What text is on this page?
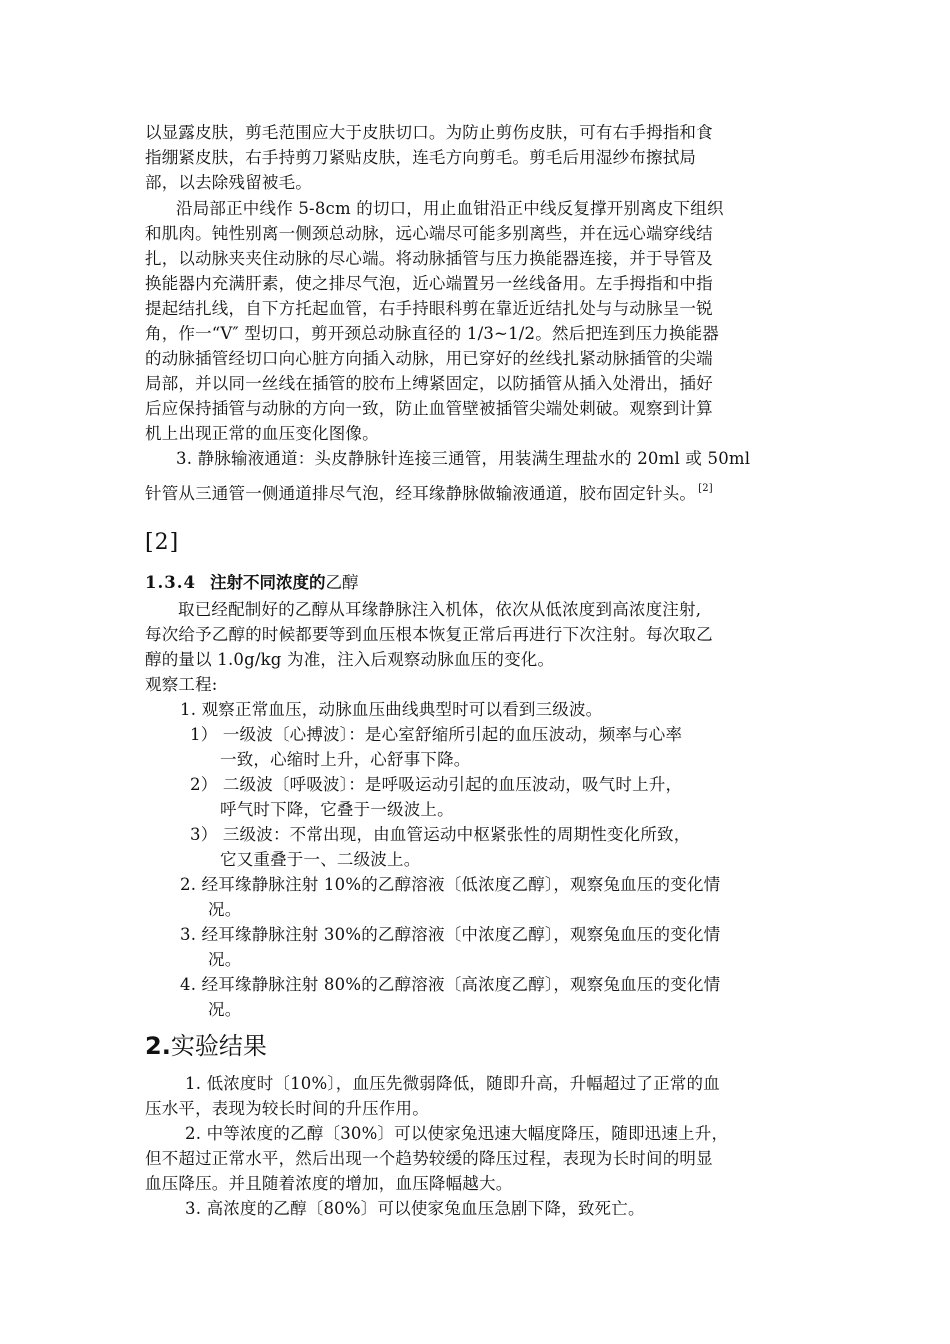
以显露皮肤，剪毛范围应大于皮肤切口。为防止剪伤皮肤，可有右手拇指和食
指绷紧皮肤，右手持剪刀紧贴皮肤，连毛方向剪毛。剪毛后用湿纱布擦拭局
部，以去除残留被毛。
沿局部正中线作 5-8cm 的切口，用止血钳沿正中线反复撑开别离皮下组织
和肌肉。钝性别离一侧颈总动脉，远心端尽可能多别离些，并在远心端穿线结
扎，以动脉夹夹住动脉的尽心端。将动脉插管与压力换能器连接，并于导管及
换能器内充满肝素，使之排尽气泡，近心端置另一丝线备用。左手拇指和中指
提起结扎线，自下方托起血管，右手持眼科剪在靠近近结扎处与与动脉呈一锐
角，作一“V″ 型切口，剪开颈总动脉直径的 1/3~1/2。然后把连到压力换能器
的动脉插管经切口向心脏方向插入动脉，用已穿好的丝线扎紧动脉插管的尖端
局部，并以同一丝线在插管的胶布上缚紧固定，以防插管从插入处滑出，插好
后应保持插管与动脉的方向一致，防止血管壁被插管尖端处刺破。观察到计算
机上出现正常的血压变化图像。
3. 静脉输液通道：头皮静脉针连接三通管，用装满生理盐水的 20ml 或 50ml
针管从三通管一侧通道排尽气泡，经耳缘静脉做输液通道，胶布固定针头。 [2]
[2]
1.3.4 注射不同浓度的乙醇
取已经配制好的乙醇从耳缘静脉注入机体，依次从低浓度到高浓度注射,
每次给予乙醇的时候都要等到血压根本恢复正常后再进行下次注射。每次取乙
醇的量以 1.0g/kg 为准，注入后观察动脉血压的变化。
观察工程:
1. 观察正常血压，动脉血压曲线典型时可以看到三级波。
1） 一级波〔心搏波〕：是心室舒缩所引起的血压波动，频率与心率
一致，心缩时上升，心舒事下降。
2） 二级波〔呼吸波〕：是呼吸运动引起的血压波动，吸气时上升，
呼气时下降，它叠于一级波上。
3） 三级波：不常出现，由血管运动中枢紧张性的周期性变化所致，
它又重叠于一、二级波上。
2. 经耳缘静脉注射 10%的乙醇溶液〔低浓度乙醇〕，观察兔血压的变化情
况。
3. 经耳缘静脉注射 30%的乙醇溶液〔中浓度乙醇〕，观察兔血压的变化情
况。
4. 经耳缘静脉注射 80%的乙醇溶液〔高浓度乙醇〕，观察兔血压的变化情
况。
2.实验结果
1. 低浓度时〔10%〕，血压先微弱降低，随即升高，升幅超过了正常的血
压水平，表现为较长时间的升压作用。
2. 中等浓度的乙醇〔30%〕可以使家兔迅速大幅度降压，随即迅速上升，
但不超过正常水平，然后出现一个趋势较缓的降压过程，表现为长时间的明显
血压降压。并且随着浓度的增加，血压降幅越大。
3. 高浓度的乙醇〔80%〕可以使家兔血压急剧下降，致死亡。
